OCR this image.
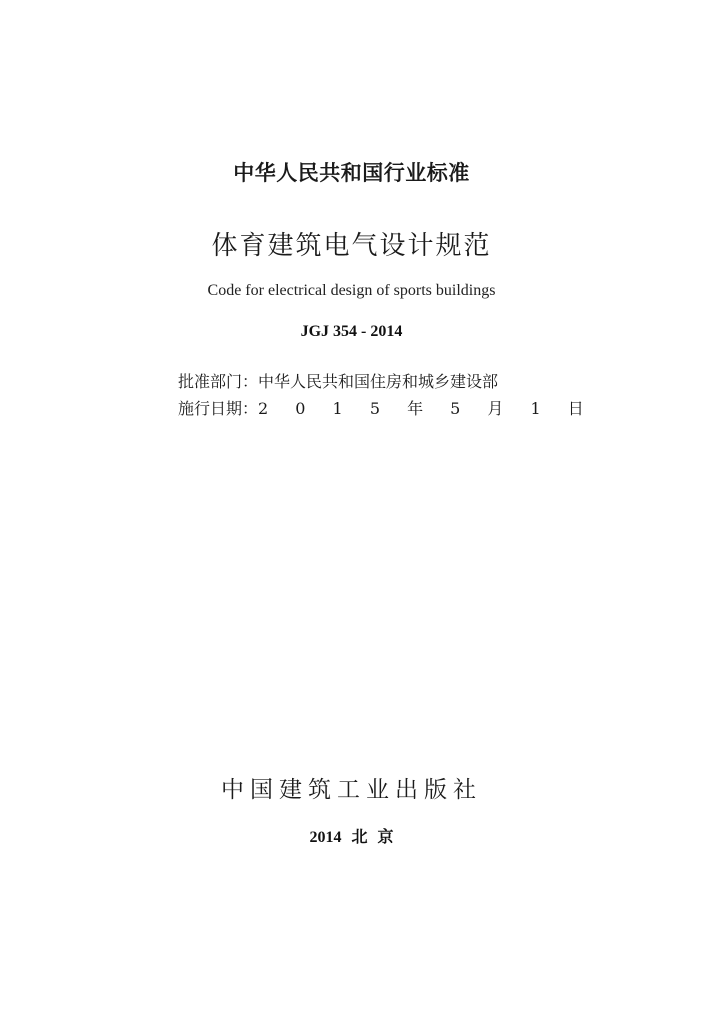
中华人民共和国行业标准
体育建筑电气设计规范
Code for electrical design of sports buildings
JGJ 354 - 2014
批准部门：中华人民共和国住房和城乡建设部
施行日期：2 0 1 5 年 5 月 1 日
中国建筑工业出版社
2014 北 京
